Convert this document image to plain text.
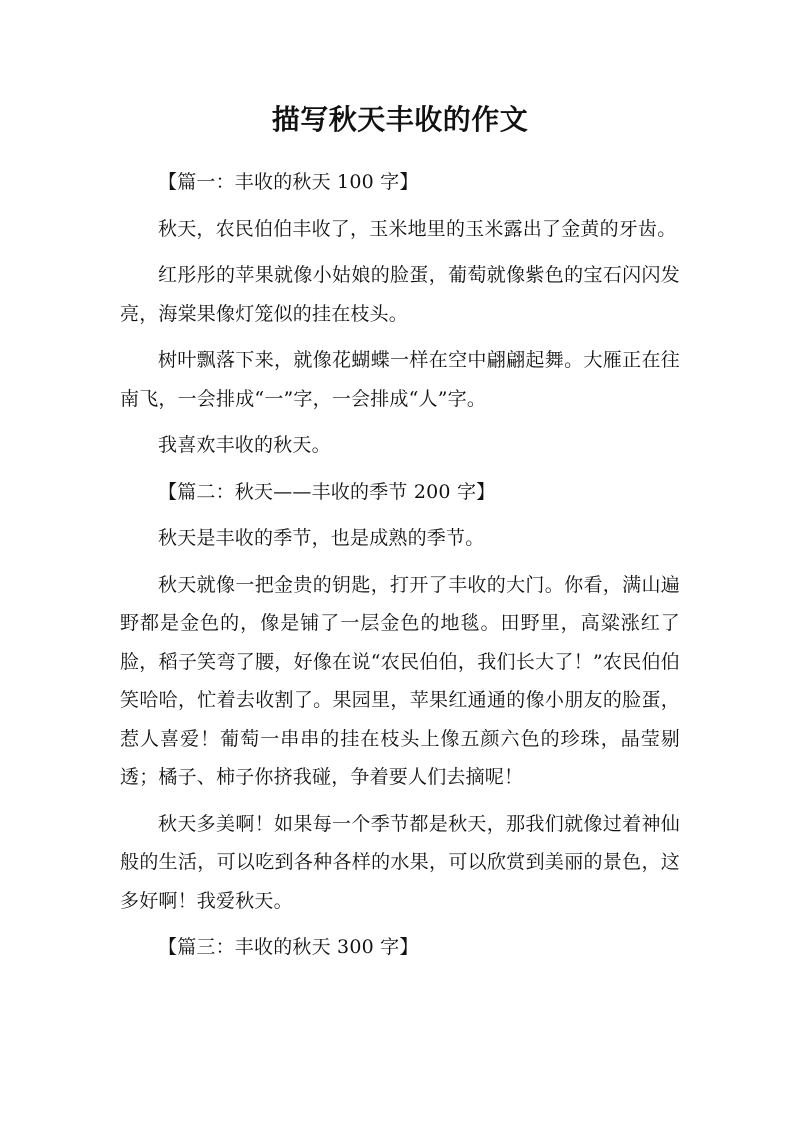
描写秋天丰收的作文

【篇一：丰收的秋天 100 字】

秋天，农民伯伯丰收了，玉米地里的玉米露出了金黄的牙齿。

红彤彤的苹果就像小姑娘的脸蛋，葡萄就像紫色的宝石闪闪发亮，海棠果像灯笼似的挂在枝头。

树叶飘落下来，就像花蝴蝶一样在空中翩翩起舞。大雁正在往南飞，一会排成“一”字，一会排成“人”字。

我喜欢丰收的秋天。

【篇二：秋天——丰收的季节 200 字】

秋天是丰收的季节，也是成熟的季节。

秋天就像一把金贵的钥匙，打开了丰收的大门。你看，满山遍野都是金色的，像是铺了一层金色的地毯。田野里，高粱涨红了脸，稻子笑弯了腰，好像在说“农民伯伯，我们长大了！”农民伯伯笑哈哈，忙着去收割了。果园里，苹果红通通的像小朋友的脸蛋，惹人喜爱！葡萄一串串的挂在枝头上像五颜六色的珍珠，晶莹剔透；橘子、柿子你挤我碰，争着要人们去摘呢！

秋天多美啊！如果每一个季节都是秋天，那我们就像过着神仙般的生活，可以吃到各种各样的水果，可以欣赏到美丽的景色，这多好啊！我爱秋天。

【篇三：丰收的秋天 300 字】
